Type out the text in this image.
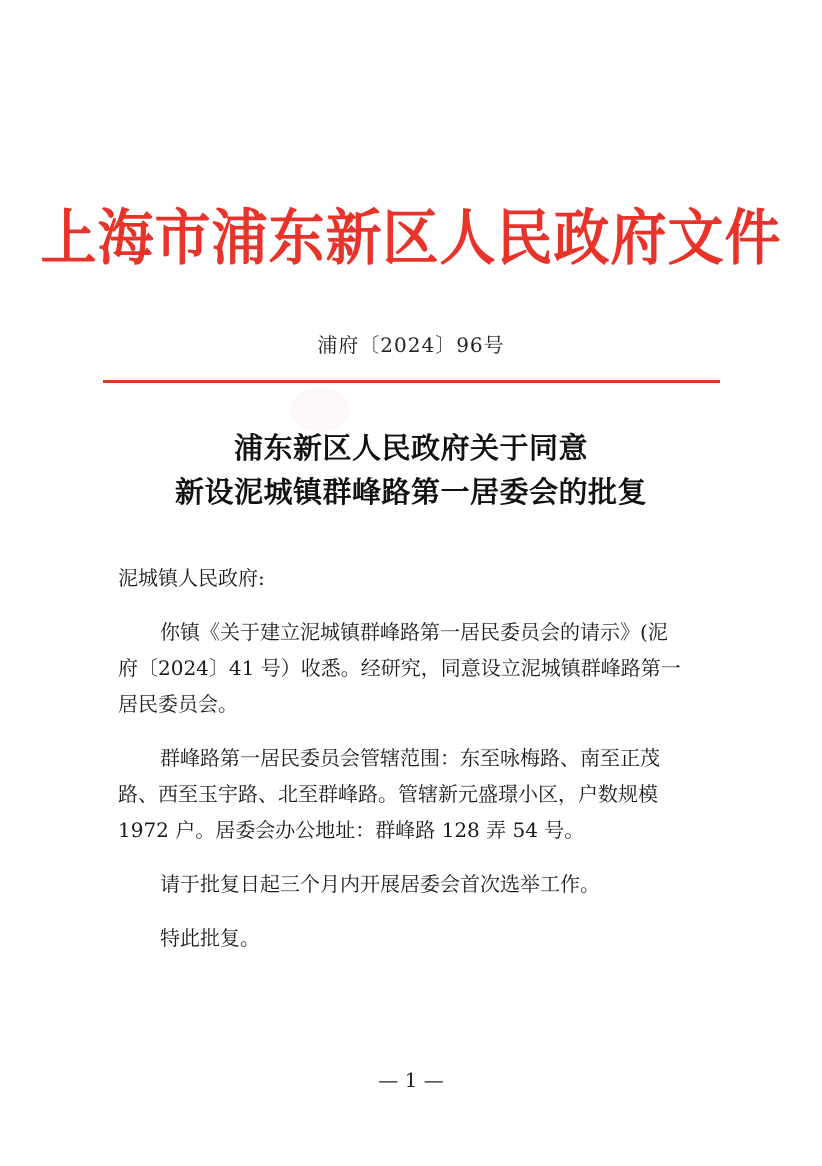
上海市浦东新区人民政府文件
浦府〔2024〕96号
浦东新区人民政府关于同意
新设泥城镇群峰路第一居委会的批复

泥城镇人民政府:

你镇《关于建立泥城镇群峰路第一居民委员会的请示》(泥
府〔2024〕41 号）收悉。经研究，同意设立泥城镇群峰路第一
居民委员会。

群峰路第一居民委员会管辖范围：东至咏梅路、南至正茂
路、西至玉宇路、北至群峰路。管辖新元盛璟小区，户数规模
1972 户。居委会办公地址：群峰路 128 弄 54 号。

请于批复日起三个月内开展居委会首次选举工作。

特此批复。

— 1 —
